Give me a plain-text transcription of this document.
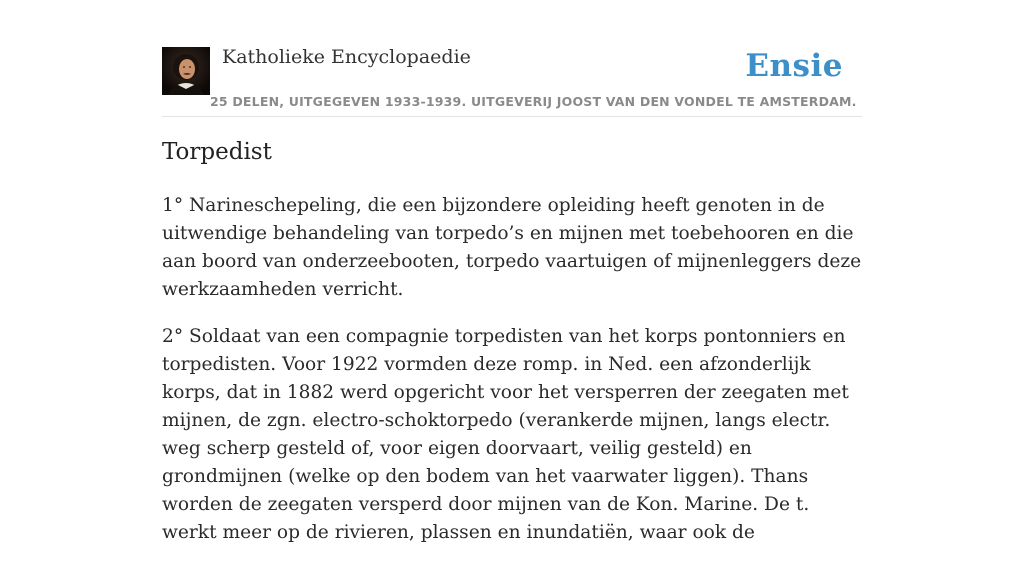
Katholieke Encyclopaedie	Ensie
25 DELEN, UITGEGEVEN 1933-1939. UITGEVERIJ JOOST VAN DEN VONDEL TE AMSTERDAM.
Torpedist

1° Narineschepeling, die een bijzondere opleiding heeft genoten in de uitwendige behandeling van torpedo’s en mijnen met toebehooren en die aan boord van onderzeebooten, torpedo vaartuigen of mijnenleggers deze werkzaamheden verricht.

2° Soldaat van een compagnie torpedisten van het korps pontonniers en torpedisten. Voor 1922 vormden deze romp. in Ned. een afzonderlijk korps, dat in 1882 werd opgericht voor het versperren der zeegaten met mijnen, de zgn. electro-schoktorpedo (verankerde mijnen, langs electr. weg scherp gesteld of, voor eigen doorvaart, veilig gesteld) en grondmijnen (welke op den bodem van het vaarwater liggen). Thans worden de zeegaten versperd door mijnen van de Kon. Marine. De t. werkt meer op de rivieren, plassen en inundatiën, waar ook de
